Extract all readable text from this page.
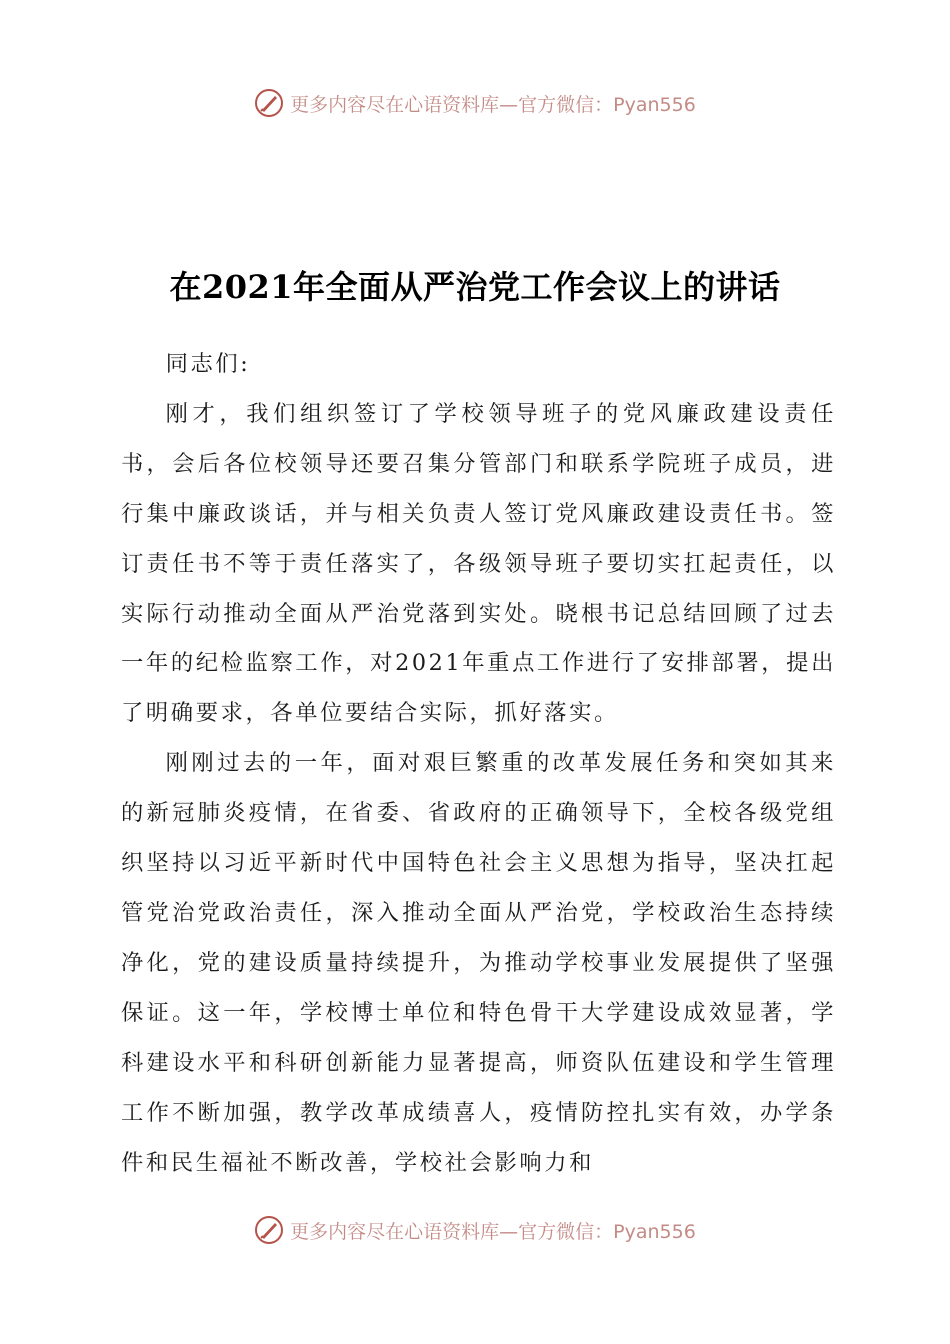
更多内容尽在心语资料库—官方微信：Pyan556
在2021年全面从严治党工作会议上的讲话

同志们:

刚才，我们组织签订了学校领导班子的党风廉政建设责任书，会后各位校领导还要召集分管部门和联系学院班子成员，进行集中廉政谈话，并与相关负责人签订党风廉政建设责任书。签订责任书不等于责任落实了，各级领导班子要切实扛起责任，以实际行动推动全面从严治党落到实处。晓根书记总结回顾了过去一年的纪检监察工作，对2021年重点工作进行了安排部署，提出了明确要求，各单位要结合实际，抓好落实。

刚刚过去的一年，面对艰巨繁重的改革发展任务和突如其来的新冠肺炎疫情，在省委、省政府的正确领导下，全校各级党组织坚持以习近平新时代中国特色社会主义思想为指导，坚决扛起管党治党政治责任，深入推动全面从严治党，学校政治生态持续净化，党的建设质量持续提升，为推动学校事业发展提供了坚强保证。这一年，学校博士单位和特色骨干大学建设成效显著，学科建设水平和科研创新能力显著提高，师资队伍建设和学生管理工作不断加强，教学改革成绩喜人，疫情防控扎实有效，办学条件和民生福祉不断改善，学校社会影响力和

更多内容尽在心语资料库—官方微信：Pyan556
